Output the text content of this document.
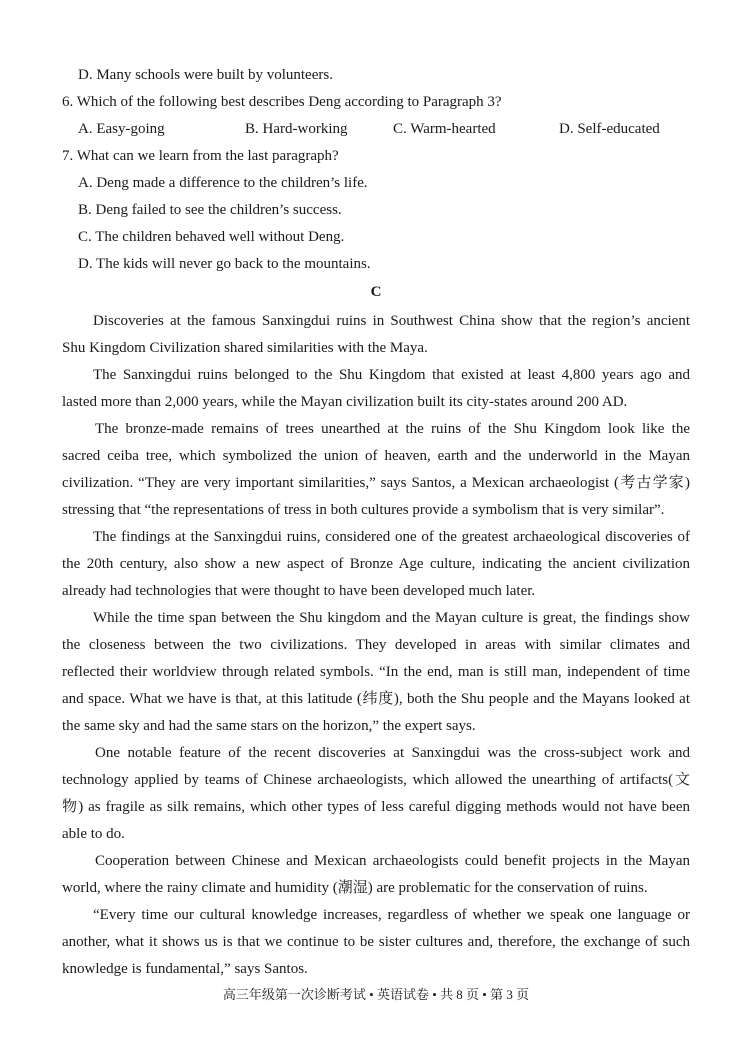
D. Many schools were built by volunteers.
6. Which of the following best describes Deng according to Paragraph 3?
A. Easy-going	B. Hard-working	C. Warm-hearted	D. Self-educated
7. What can we learn from the last paragraph?
A. Deng made a difference to the children’s life.
B. Deng failed to see the children’s success.
C. The children behaved well without Deng.
D. The kids will never go back to the mountains.
C
Discoveries at the famous Sanxingdui ruins in Southwest China show that the region’s ancient
Shu Kingdom Civilization shared similarities with the Maya.
The Sanxingdui ruins belonged to the Shu Kingdom that existed at least 4,800 years ago and
lasted more than 2,000 years, while the Mayan civilization built its city-states around 200 AD.
The bronze-made remains of trees unearthed at the ruins of the Shu Kingdom look like the
sacred ceiba tree, which symbolized the union of heaven, earth and the underworld in the Mayan
civilization. “They are very important similarities,” says Santos, a Mexican archaeologist (考古学家)
stressing that “the representations of tress in both cultures provide a symbolism that is very similar”.
The findings at the Sanxingdui ruins, considered one of the greatest archaeological discoveries of
the 20th century, also show a new aspect of Bronze Age culture, indicating the ancient civilization
already had technologies that were thought to have been developed much later.
While the time span between the Shu kingdom and the Mayan culture is great, the findings show
the closeness between the two civilizations. They developed in areas with similar climates and
reflected their worldview through related symbols. “In the end, man is still man, independent of time
and space. What we have is that, at this latitude (纬度), both the Shu people and the Mayans looked at
the same sky and had the same stars on the horizon,” the expert says.
One notable feature of the recent discoveries at Sanxingdui was the cross-subject work and
technology applied by teams of Chinese archaeologists, which allowed the unearthing of artifacts(文
物) as fragile as silk remains, which other types of less careful digging methods would not have been
able to do.
Cooperation between Chinese and Mexican archaeologists could benefit projects in the Mayan
world, where the rainy climate and humidity (潮湿) are problematic for the conservation of ruins.
“Every time our cultural knowledge increases, regardless of whether we speak one language or
another, what it shows us is that we continue to be sister cultures and, therefore, the exchange of such
knowledge is fundamental,” says Santos.
高三年级第一次诊断考试 • 英语试卷 • 共 8 页 • 第 3 页
